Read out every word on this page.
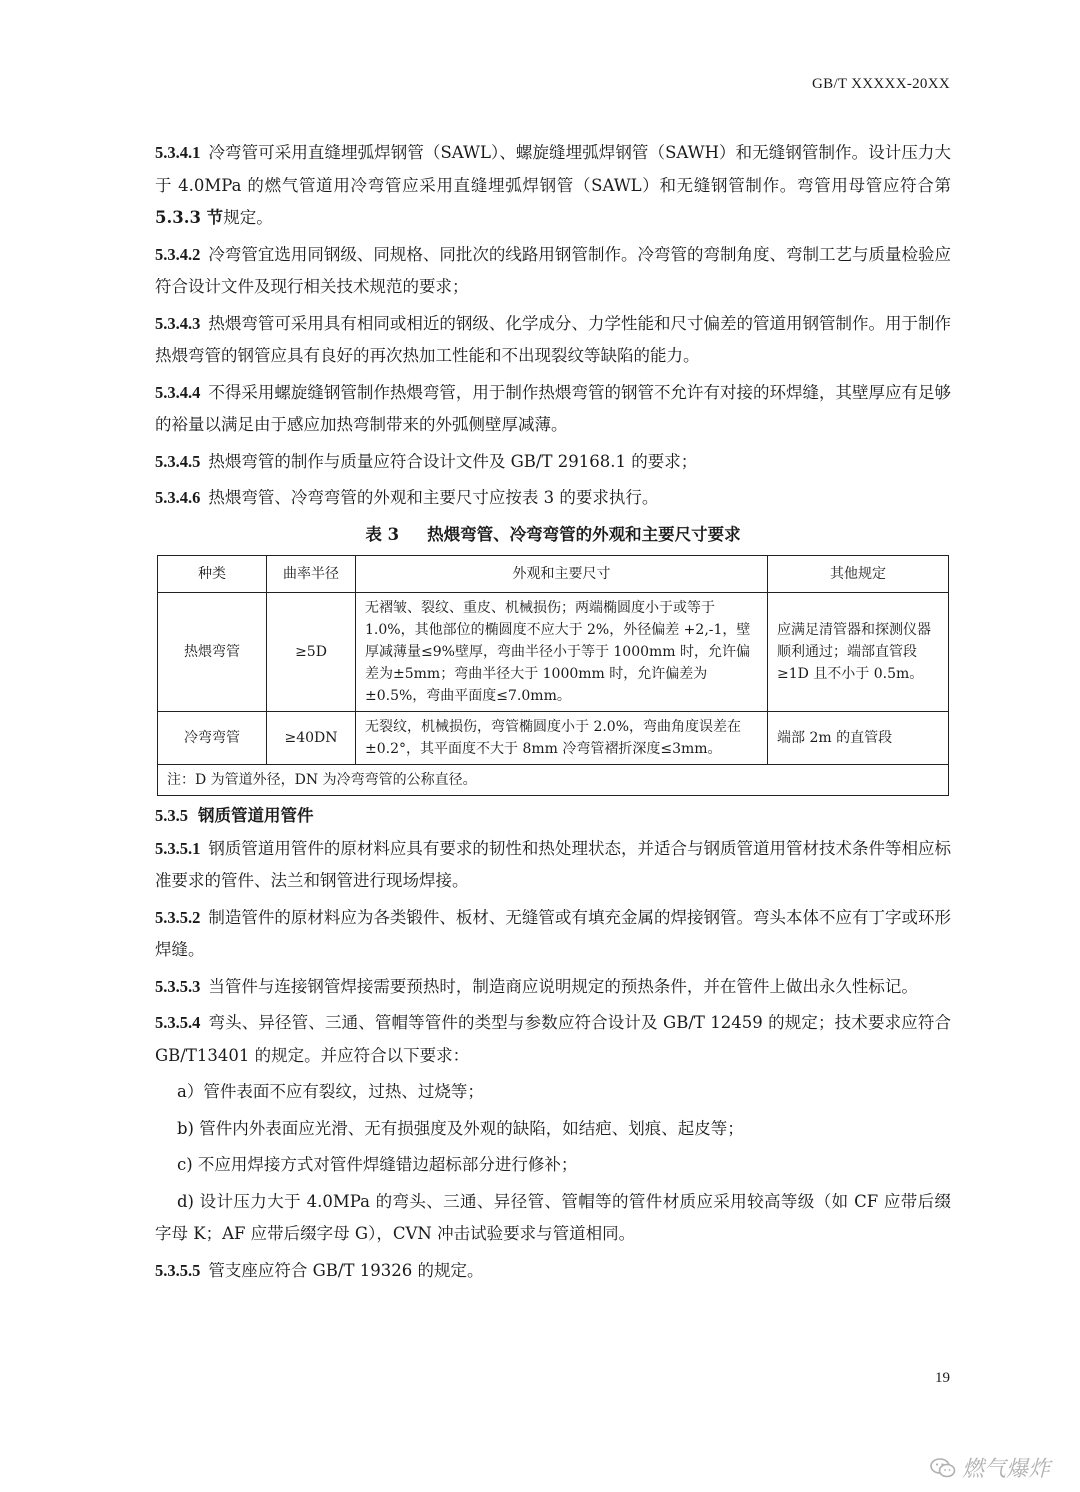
GB/T XXXXX-20XX

5.3.4.1 冷弯管可采用直缝埋弧焊钢管（SAWL）、螺旋缝埋弧焊钢管（SAWH）和无缝钢管制作。设计压力大于 4.0MPa 的燃气管道用冷弯管应采用直缝埋弧焊钢管（SAWL）和无缝钢管制作。弯管用母管应符合第 5.3.3 节规定。

5.3.4.2 冷弯管宜选用同钢级、同规格、同批次的线路用钢管制作。冷弯管的弯制角度、弯制工艺与质量检验应符合设计文件及现行相关技术规范的要求；

5.3.4.3 热煨弯管可采用具有相同或相近的钢级、化学成分、力学性能和尺寸偏差的管道用钢管制作。用于制作热煨弯管的钢管应具有良好的再次热加工性能和不出现裂纹等缺陷的能力。

5.3.4.4 不得采用螺旋缝钢管制作热煨弯管，用于制作热煨弯管的钢管不允许有对接的环焊缝，其壁厚应有足够的裕量以满足由于感应加热弯制带来的外弧侧壁厚减薄。

5.3.4.5 热煨弯管的制作与质量应符合设计文件及 GB/T 29168.1 的要求；

5.3.4.6 热煨弯管、冷弯弯管的外观和主要尺寸应按表 3 的要求执行。

表 3 热煨弯管、冷弯弯管的外观和主要尺寸要求
种类	曲率半径	外观和主要尺寸	其他规定
热煨弯管	≥5D	无褶皱、裂纹、重皮、机械损伤；两端椭圆度小于或等于 1.0%，其他部位的椭圆度不应大于 2%，外径偏差 +2,-1，壁厚减薄量≤9%壁厚，弯曲半径小于等于 1000mm 时，允许偏差为±5mm；弯曲半径大于 1000mm 时，允许偏差为±0.5%，弯曲平面度≤7.0mm。	应满足清管器和探测仪器顺利通过；端部直管段≥1D 且不小于 0.5m。
冷弯弯管	≥40DN	无裂纹，机械损伤，弯管椭圆度小于 2.0%，弯曲角度误差在±0.2°，其平面度不大于 8mm 冷弯管褶折深度≤3mm。	端部 2m 的直管段
注：D 为管道外径，DN 为冷弯弯管的公称直径。			

5.3.5 钢质管道用管件

5.3.5.1 钢质管道用管件的原材料应具有要求的韧性和热处理状态，并适合与钢质管道用管材技术条件等相应标准要求的管件、法兰和钢管进行现场焊接。

5.3.5.2 制造管件的原材料应为各类锻件、板材、无缝管或有填充金属的焊接钢管。弯头本体不应有丁字或环形焊缝。

5.3.5.3 当管件与连接钢管焊接需要预热时，制造商应说明规定的预热条件，并在管件上做出永久性标记。

5.3.5.4 弯头、异径管、三通、管帽等管件的类型与参数应符合设计及 GB/T 12459 的规定；技术要求应符合 GB/T13401 的规定。并应符合以下要求：

a）管件表面不应有裂纹，过热、过烧等；

b) 管件内外表面应光滑、无有损强度及外观的缺陷，如结疤、划痕、起皮等；

c) 不应用焊接方式对管件焊缝错边超标部分进行修补；

d) 设计压力大于 4.0MPa 的弯头、三通、异径管、管帽等的管件材质应采用较高等级（如 CF 应带后缀字母 K；AF 应带后缀字母 G），CVN 冲击试验要求与管道相同。

5.3.5.5 管支座应符合 GB/T 19326 的规定。

19
燃气爆炸
